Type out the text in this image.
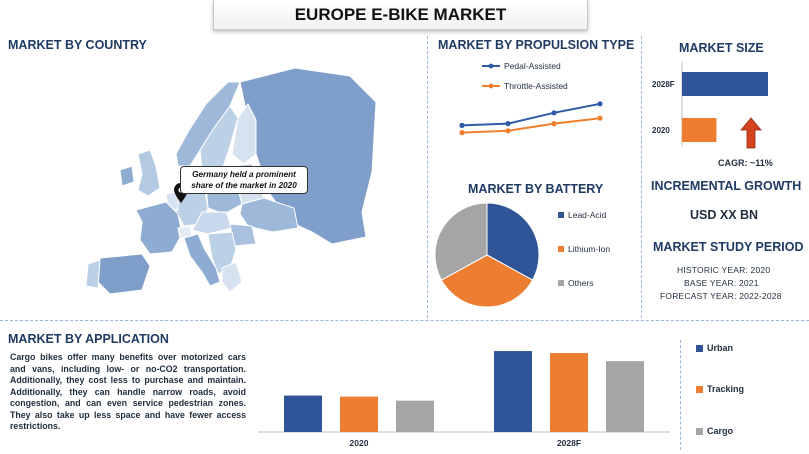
EUROPE E-BIKE MARKET
MARKET BY COUNTRY
Germany held a prominent share of the market in 2020
MARKET BY PROPULSION TYPE
Pedal-Assisted
Throttle-Assisted
MARKET BY BATTERY
Lead-Acid
Lithium-Ion
Others
MARKET SIZE
2028F
2020
CAGR: ~11%
INCREMENTAL GROWTH
USD XX BN
MARKET STUDY PERIOD
HISTORIC YEAR: 2020
BASE YEAR: 2021
FORECAST YEAR: 2022-2028
MARKET BY APPLICATION
Cargo bikes offer many benefits over motorized cars and vans, including low- or no-CO2 transportation. Additionally, they cost less to purchase and maintain. Additionally, they can handle narrow roads, avoid congestion, and can even service pedestrian zones. They also take up less space and have fewer access restrictions.
2020	2028F
Urban
Tracking
Cargo
